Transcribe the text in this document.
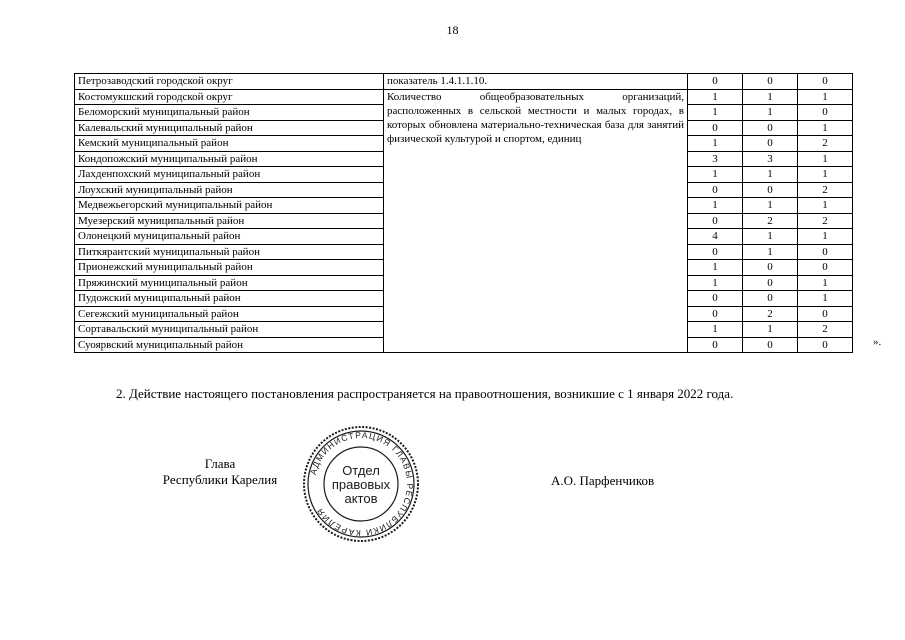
18
Петрозаводский городской округ	показатель 1.4.1.1.10.	0	0	0
Костомукшский городской округ	Количество общеобразовательных организаций, расположенных в сельской местности и малых городах, в которых обновлена материально-техническая база для занятий физической культурой и спортом, единиц	1	1	1
Беломорский муниципальный район		1	1	0
Калевальский муниципальный район		0	0	1
Кемский муниципальный район		1	0	2
Кондопожский муниципальный район		3	3	1
Лахденпохский муниципальный район		1	1	1
Лоухский муниципальный район		0	0	2
Медвежьегорский муниципальный район		1	1	1
Муезерский муниципальный район		0	2	2
Олонецкий муниципальный район		4	1	1
Питкярантский муниципальный район		0	1	0
Прионежский муниципальный район		1	0	0
Пряжинский муниципальный район		1	0	1
Пудожский муниципальный район		0	0	1
Сегежский муниципальный район		0	2	0
Сортавальский муниципальный район		1	1	2
Суоярвский муниципальный район		0	0	0	».
2. Действие настоящего постановления распространяется на правоотношения, возникшие с 1 января 2022 года.
Глава
Республики Карелия
АДМИНИСТРАЦИЯ ГЛАВЫ РЕСПУБЛИКИ КАРЕЛИЯ
Отдел
правовых
актов
А.О. Парфенчиков
